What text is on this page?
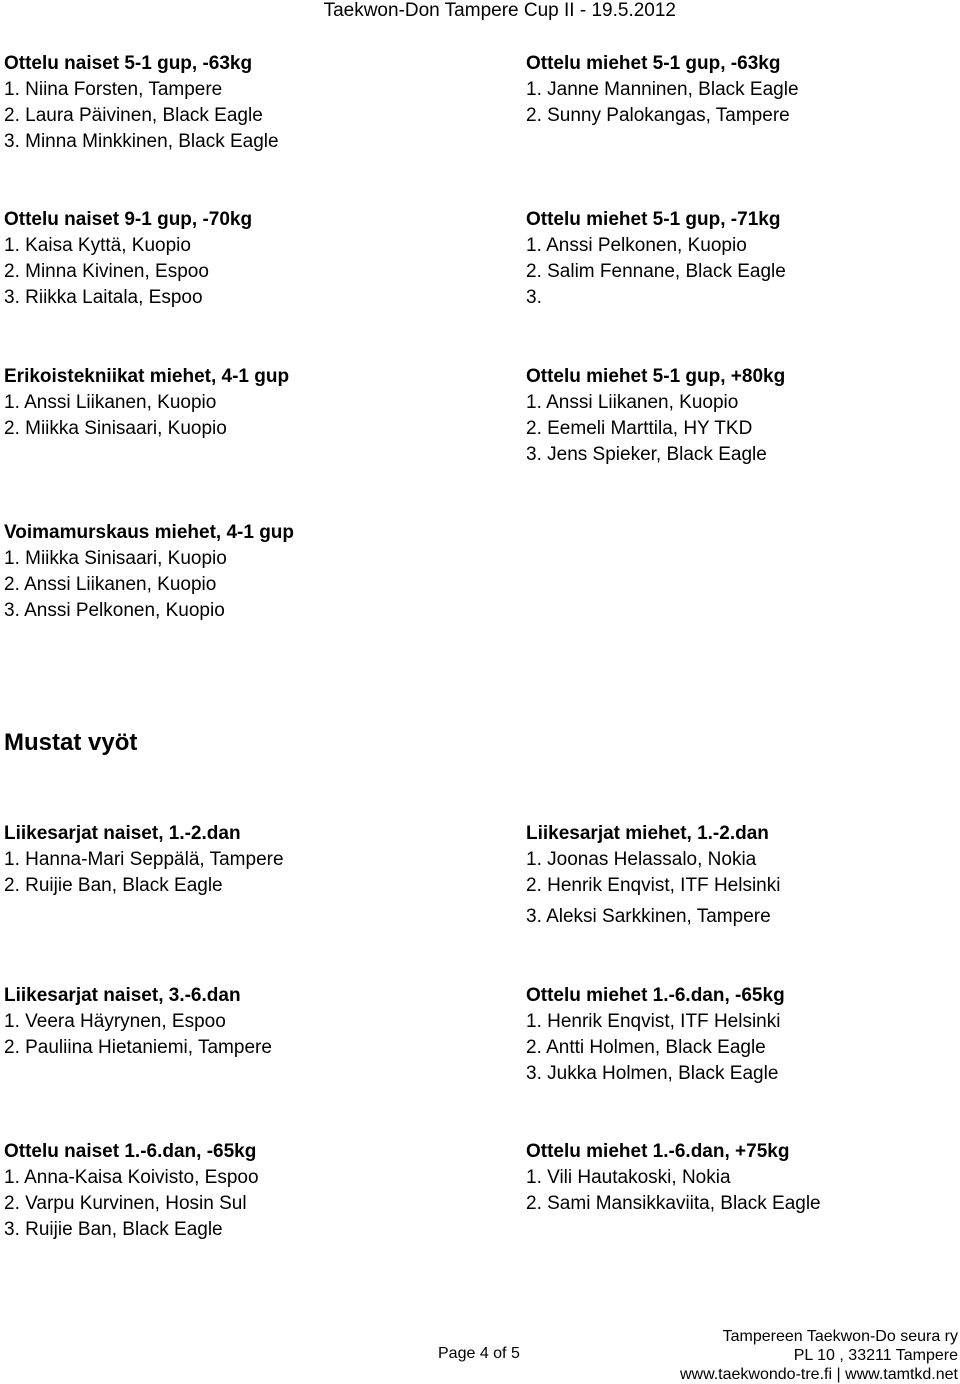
Taekwon-Don Tampere Cup II - 19.5.2012
Ottelu naiset 5-1 gup, -63kg
1. Niina Forsten, Tampere
2. Laura Päivinen, Black Eagle
3. Minna Minkkinen, Black Eagle
Ottelu miehet 5-1 gup, -63kg
1. Janne Manninen, Black Eagle
2. Sunny Palokangas, Tampere
Ottelu naiset 9-1 gup, -70kg
1. Kaisa Kyttä, Kuopio
2. Minna Kivinen, Espoo
3. Riikka Laitala, Espoo
Ottelu miehet 5-1 gup, -71kg
1. Anssi Pelkonen, Kuopio
2. Salim Fennane, Black Eagle
3.
Erikoistekniikat miehet, 4-1 gup
1. Anssi Liikanen, Kuopio
2. Miikka Sinisaari, Kuopio
Ottelu miehet 5-1 gup, +80kg
1. Anssi Liikanen, Kuopio
2. Eemeli Marttila, HY TKD
3. Jens Spieker, Black Eagle
Voimamurskaus miehet, 4-1 gup
1. Miikka Sinisaari, Kuopio
2. Anssi Liikanen, Kuopio
3. Anssi Pelkonen, Kuopio
Mustat vyöt
Liikesarjat naiset, 1.-2.dan
1. Hanna-Mari Seppälä, Tampere
2. Ruijie Ban, Black Eagle
Liikesarjat miehet, 1.-2.dan
1. Joonas Helassalo, Nokia
2. Henrik Enqvist, ITF Helsinki
3. Aleksi Sarkkinen, Tampere
Liikesarjat naiset, 3.-6.dan
1. Veera Häyrynen, Espoo
2. Pauliina Hietaniemi, Tampere
Ottelu miehet 1.-6.dan, -65kg
1. Henrik Enqvist, ITF Helsinki
2. Antti Holmen, Black Eagle
3. Jukka Holmen, Black Eagle
Ottelu naiset 1.-6.dan, -65kg
1. Anna-Kaisa Koivisto, Espoo
2. Varpu Kurvinen, Hosin Sul
3. Ruijie Ban, Black Eagle
Ottelu miehet 1.-6.dan, +75kg
1. Vili Hautakoski, Nokia
2. Sami Mansikkaviita, Black Eagle
Page 4 of 5
Tampereen Taekwon-Do seura ry
PL 10 , 33211 Tampere
www.taekwondo-tre.fi | www.tamtkd.net
